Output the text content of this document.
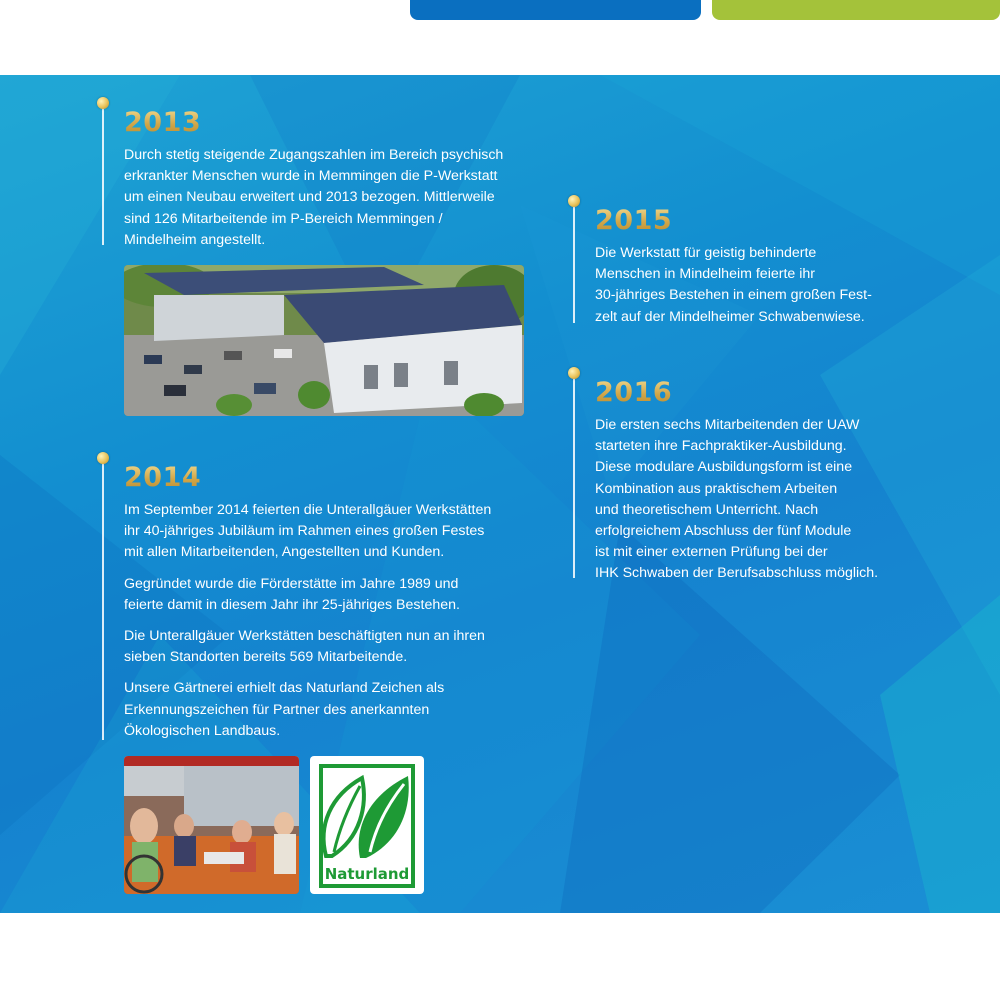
2013
Durch stetig steigende Zugangszahlen im Bereich psychisch
erkrankter Menschen wurde in Memmingen die P-Werkstatt
um einen Neubau erweitert und 2013 bezogen. Mittlerweile
sind 126 Mitarbeitende im P-Bereich Memmingen /
Mindelheim angestellt.
2014
Im September 2014 feierten die Unterallgäuer Werkstätten
ihr 40-jähriges Jubiläum im Rahmen eines großen Festes
mit allen Mitarbeitenden, Angestellten und Kunden.
Gegründet wurde die Förderstätte im Jahre 1989 und
feierte damit in diesem Jahr ihr 25-jähriges Bestehen.
Die Unterallgäuer Werkstätten beschäftigten nun an ihren
sieben Standorten bereits 569 Mitarbeitende.
Unsere Gärtnerei erhielt das Naturland Zeichen als
Erkennungszeichen für Partner des anerkannten
Ökologischen Landbaus.
Naturland
2015
Die Werkstatt für geistig behinderte
Menschen in Mindelheim feierte ihr
30-jähriges Bestehen in einem großen Fest-
zelt auf der Mindelheimer Schwabenwiese.
2016
Die ersten sechs Mitarbeitenden der UAW
starteten ihre Fachpraktiker-Ausbildung.
Diese modulare Ausbildungsform ist eine
Kombination aus praktischem Arbeiten
und theoretischem Unterricht. Nach
erfolgreichem Abschluss der fünf Module
ist mit einer externen Prüfung bei der
IHK Schwaben der Berufsabschluss möglich.
